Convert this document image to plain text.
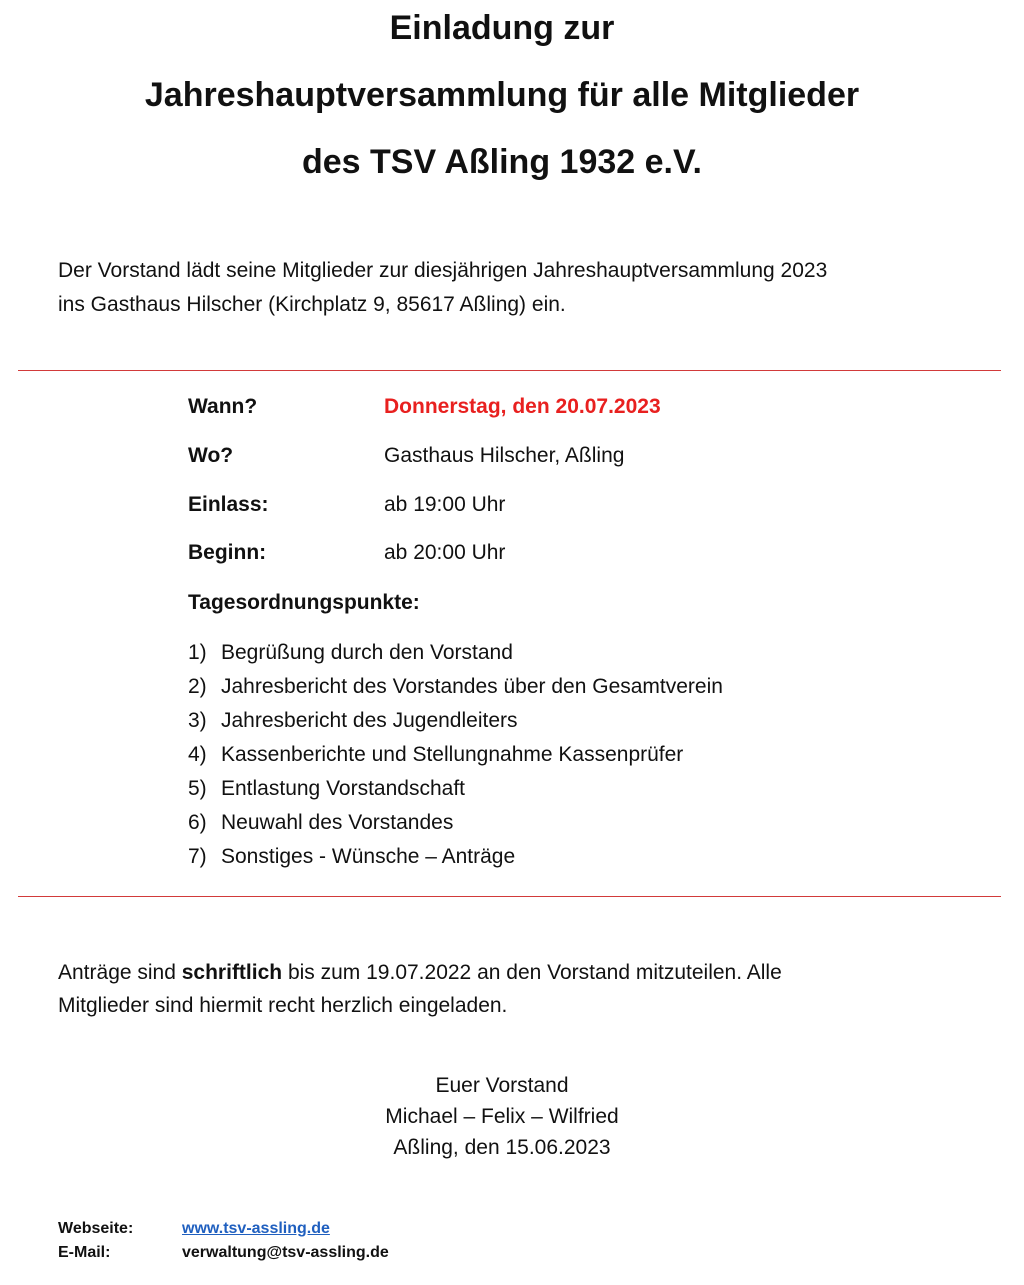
Einladung zur
Jahreshauptversammlung für alle Mitglieder
des TSV Aßling 1932 e.V.
Der Vorstand lädt seine Mitglieder zur diesjährigen Jahreshauptversammlung 2023
ins Gasthaus Hilscher (Kirchplatz 9, 85617 Aßling) ein.
Wann?	Donnerstag, den 20.07.2023
Wo?	Gasthaus Hilscher, Aßling
Einlass:	ab 19:00 Uhr
Beginn:	ab 20:00 Uhr
Tagesordnungspunkte:
1) Begrüßung durch den Vorstand
2) Jahresbericht des Vorstandes über den Gesamtverein
3) Jahresbericht des Jugendleiters
4) Kassenberichte und Stellungnahme Kassenprüfer
5) Entlastung Vorstandschaft
6) Neuwahl des Vorstandes
7) Sonstiges - Wünsche – Anträge
Anträge sind schriftlich bis zum 19.07.2022 an den Vorstand mitzuteilen. Alle
Mitglieder sind hiermit recht herzlich eingeladen.
Euer Vorstand
Michael – Felix – Wilfried
Aßling, den 15.06.2023
Webseite:	www.tsv-assling.de
E-Mail:	verwaltung@tsv-assling.de
